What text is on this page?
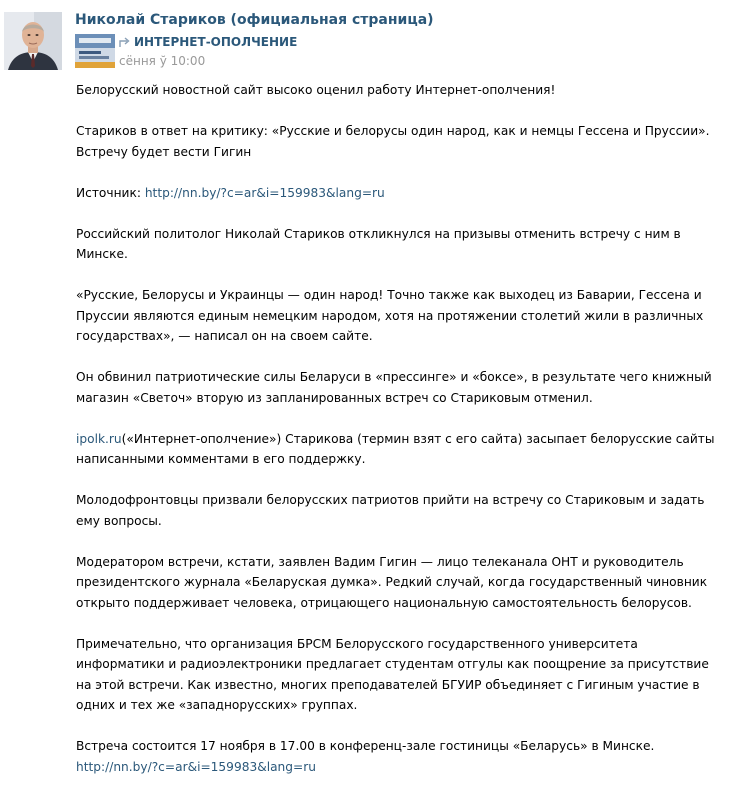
Николай Стариков (официальная страница)
ИНТЕРНЕТ-ОПОЛЧЕНИЕ
сёння ў 10:00

Белорусский новостной сайт высоко оценил работу Интернет-ополчения!

Стариков в ответ на критику: «Русские и белорусы один народ, как и немцы Гессена и Пруссии».
Встречу будет вести Гигин

Источник: http://nn.by/?c=ar&i=159983&lang=ru

Российский политолог Николай Стариков откликнулся на призывы отменить встречу с ним в Минске.

«Русские, Белорусы и Украинцы — один народ! Точно также как выходец из Баварии, Гессена и Пруссии являются единым немецким народом, хотя на протяжении столетий жили в различных государствах», — написал он на своем сайте.

Он обвинил патриотические силы Беларуси в «прессинге» и «боксе», в результате чего книжный магазин «Светоч» вторую из запланированных встреч со Стариковым отменил.

ipolk.ru(«Интернет-ополчение») Старикова (термин взят с его сайта) засыпает белорусские сайты написанными комментами в его поддержку.

Молодофронтовцы призвали белорусских патриотов прийти на встречу со Стариковым и задать ему вопросы.

Модератором встречи, кстати, заявлен Вадим Гигин — лицо телеканала ОНТ и руководитель президентского журнала «Беларуская думка». Редкий случай, когда государственный чиновник открыто поддерживает человека, отрицающего национальную самостоятельность белорусов.

Примечательно, что организация БРСМ Белорусского государственного университета информатики и радиоэлектроники предлагает студентам отгулы как поощрение за присутствие на этой встречи. Как известно, многих преподавателей БГУИР объединяет с Гигиным участие в одних и тех же «западнорусских» группах.

Встреча состоится 17 ноября в 17.00 в конференц-зале гостиницы «Беларусь» в Минске.
http://nn.by/?c=ar&i=159983&lang=ru
